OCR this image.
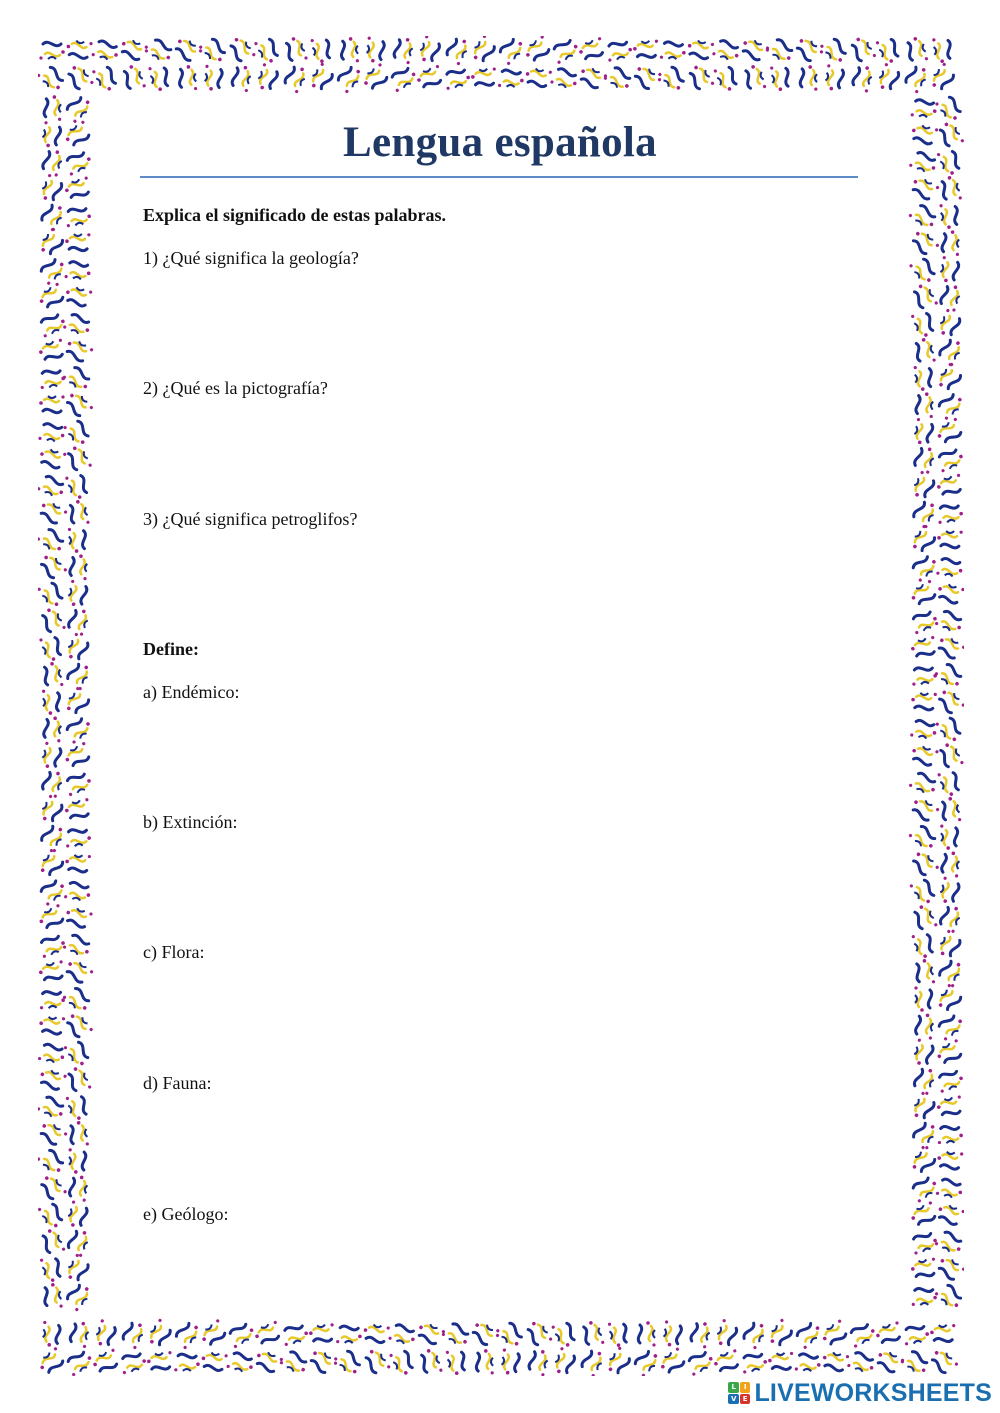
Lengua española
Explica el significado de estas palabras.
1) ¿Qué significa la geología?
2) ¿Qué es la pictografía?
3) ¿Qué significa petroglifos?
Define:
a) Endémico:
b) Extinción:
c) Flora:
d) Fauna:
e) Geólogo:
L	I
V E LIVEWORKSHEETS
